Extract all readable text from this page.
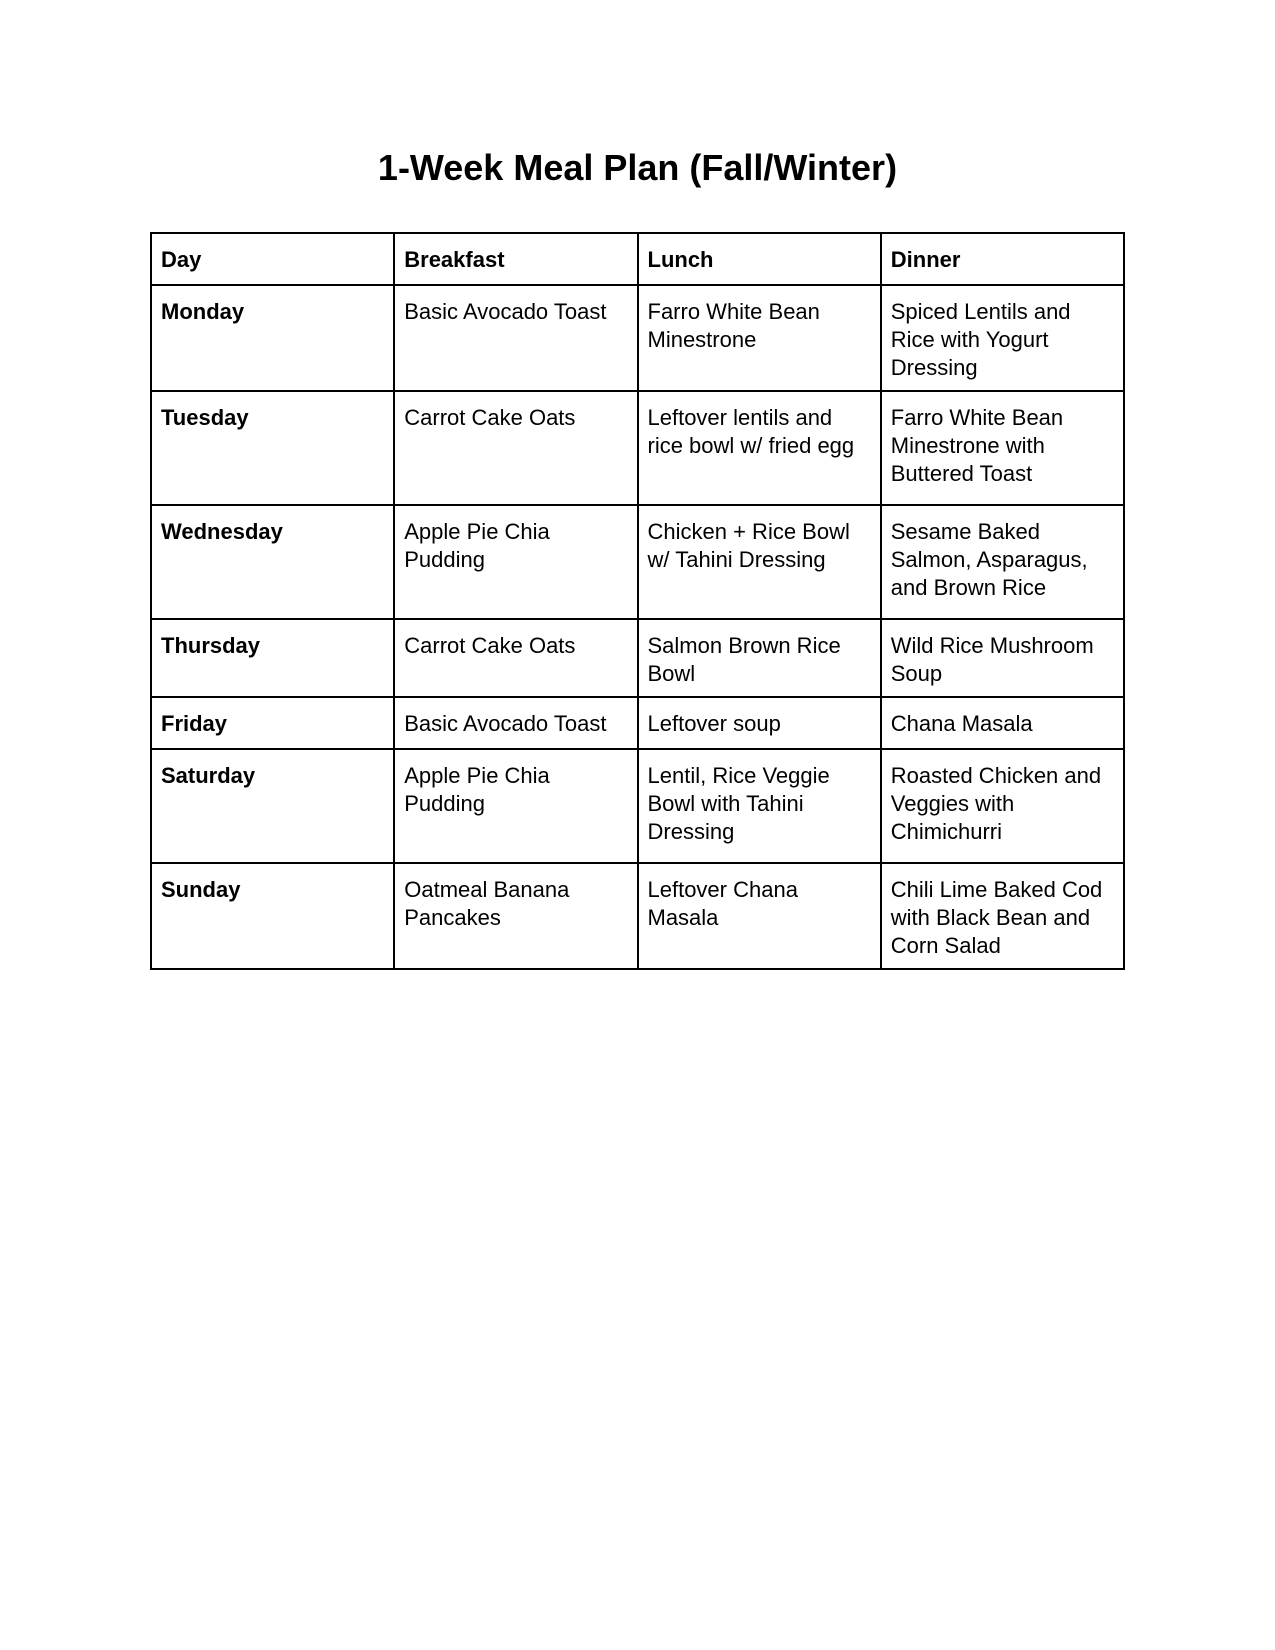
1-Week Meal Plan (Fall/Winter)
Day	Breakfast	Lunch	Dinner
Monday	Basic Avocado Toast	Farro White Bean Minestrone	Spiced Lentils and Rice with Yogurt Dressing
Tuesday	Carrot Cake Oats	Leftover lentils and rice bowl w/ fried egg	Farro White Bean Minestrone with Buttered Toast
Wednesday	Apple Pie Chia Pudding	Chicken + Rice Bowl w/ Tahini Dressing	Sesame Baked Salmon, Asparagus, and Brown Rice
Thursday	Carrot Cake Oats	Salmon Brown Rice Bowl	Wild Rice Mushroom Soup
Friday	Basic Avocado Toast	Leftover soup	Chana Masala
Saturday	Apple Pie Chia Pudding	Lentil, Rice Veggie Bowl with Tahini Dressing	Roasted Chicken and Veggies with Chimichurri
Sunday	Oatmeal Banana Pancakes	Leftover Chana Masala	Chili Lime Baked Cod with Black Bean and Corn Salad
